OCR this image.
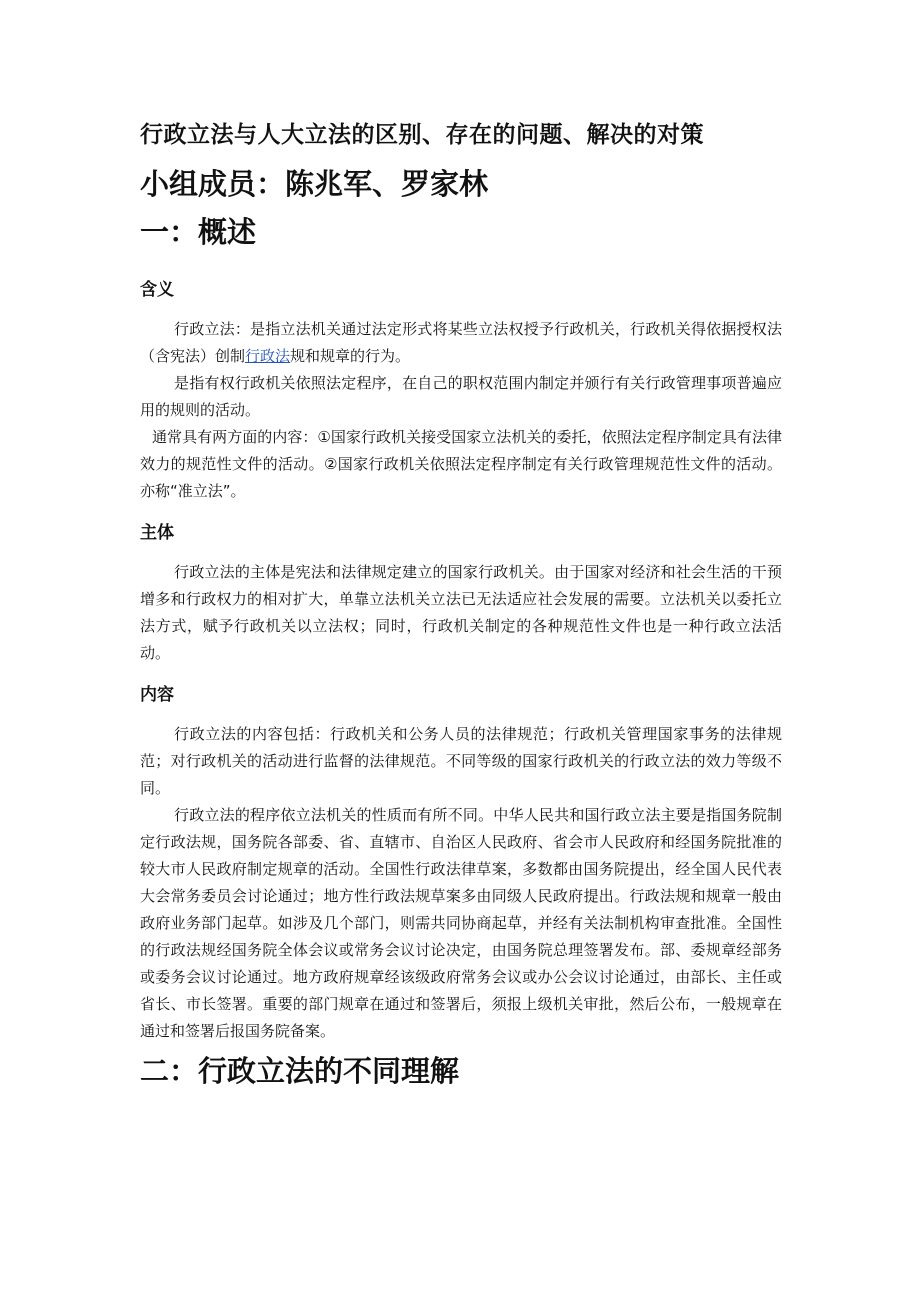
行政立法与人大立法的区别、存在的问题、解决的对策
小组成员：陈兆军、罗家林
一：概述
含义

行政立法：是指立法机关通过法定形式将某些立法权授予行政机关，行政机关得依据授权法（含宪法）创制行政法规和规章的行为。

是指有权行政机关依照法定程序，在自己的职权范围内制定并颁行有关行政管理事项普遍应用的规则的活动。

通常具有两方面的内容：①国家行政机关接受国家立法机关的委托，依照法定程序制定具有法律效力的规范性文件的活动。②国家行政机关依照法定程序制定有关行政管理规范性文件的活动。亦称“准立法”。

主体

行政立法的主体是宪法和法律规定建立的国家行政机关。由于国家对经济和社会生活的干预增多和行政权力的相对扩大，单靠立法机关立法已无法适应社会发展的需要。立法机关以委托立法方式，赋予行政机关以立法权；同时，行政机关制定的各种规范性文件也是一种行政立法活动。

内容

行政立法的内容包括：行政机关和公务人员的法律规范；行政机关管理国家事务的法律规范；对行政机关的活动进行监督的法律规范。不同等级的国家行政机关的行政立法的效力等级不同。

行政立法的程序依立法机关的性质而有所不同。中华人民共和国行政立法主要是指国务院制定行政法规，国务院各部委、省、直辖市、自治区人民政府、省会市人民政府和经国务院批准的较大市人民政府制定规章的活动。全国性行政法律草案，多数都由国务院提出，经全国人民代表大会常务委员会讨论通过；地方性行政法规草案多由同级人民政府提出。行政法规和规章一般由政府业务部门起草。如涉及几个部门，则需共同协商起草，并经有关法制机构审查批准。全国性的行政法规经国务院全体会议或常务会议讨论决定，由国务院总理签署发布。部、委规章经部务或委务会议讨论通过。地方政府规章经该级政府常务会议或办公会议讨论通过，由部长、主任或省长、市长签署。重要的部门规章在通过和签署后，须报上级机关审批，然后公布，一般规章在通过和签署后报国务院备案。

二：行政立法的不同理解
